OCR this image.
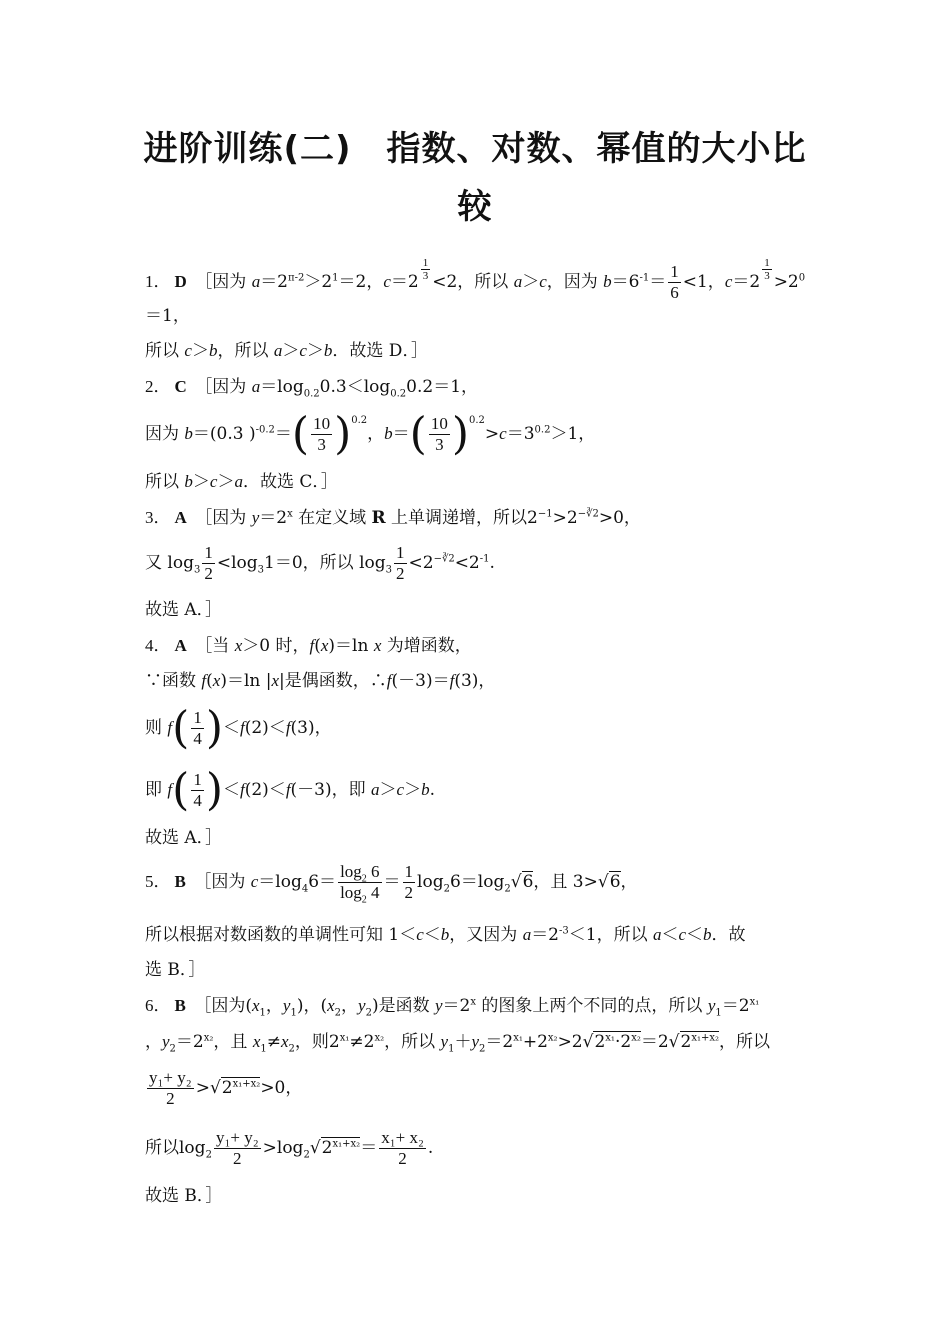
进阶训练(二)　指数、对数、幂值的大小比
较
1． D　 ［因为 $a=2^{\pi-2}>2^1=2$，$c=2 \frac{1}{3} <2$，所以 a＞c，因为 $b=6^{-1}= \frac{1}{6} <1$，$c=2 \frac{1}{3} >2^0$
＝1，
所以 c＞b，所以 a＞c＞b．故选 D．］
2． C　 ［因为 $a=\log_{0.2}0.3<\log_{0.2}0.2=1$，
因为 b＝(0.3 )$^{-0.2}=( \frac{10}{3} )^{0.2}$，$b=( \frac{10}{3} )^{0.2}>c=3^{0.2}>1$，
所以 b＞c＞a．故选 C．］
3． A　 ［因为 $y=2^x$ 在定义域 R 上单调递增，所以$2^{-1}>2^{-∛2}>0$，
又 $\log_3 \frac{1}{2} <\log_31=0$，所以 $\log_3 \frac{1}{2} <2^{-∛2}<2^{-1}$.
故选 A．］
4． A　 ［当 x＞0 时，f(x)＝ln x 为增函数，
∵函数 f(x)＝ln |x|是偶函数，∴f(－3)＝f(3)，
则 $f( \frac{1}{4} )<f(2)<f(3)$，
即 $f( \frac{1}{4} )<f(2)<f(-3)$，即 a＞c＞b.
故选 A．］
5． B　 ［因为 $c=\log_46= \frac{\log_2 6}{\log_2 4} = \frac{1}{2} \log_26=\log_2√6$，且 3>√6，
所以根据对数函数的单调性可知 1＜c＜b，又因为 $a=2^{-3}<1$，所以 a＜c＜b．故
选 B．］
6． B　 ［因为($x_1$，$y_1$)，($x_2$，$y_2$)是函数 $y=2^x$ 的图象上两个不同的点，所以 $y_1=2^{x_1}$
，$y_2=2^{x_2}$，且 $x_1\ne x_2$，则$2^{x_1}\ne 2^{x_2}$，所以 $y_1+y_2=2^{x_1}+2^{x_2}>2√2^{x_1}\cdot 2^{x_2}=2√2^{x_1+x_2}$，所以
$\frac{\text{y₁+ y₂}}{2} >√2^{x_1+x_2}>0$，
所以$\log_2 \frac{\text{y₁+ y₂}}{2} >\log_2√2^{x_1+x_2}= \frac{\text{x₁+ x₂}}{2}$ .
故选 B．］
